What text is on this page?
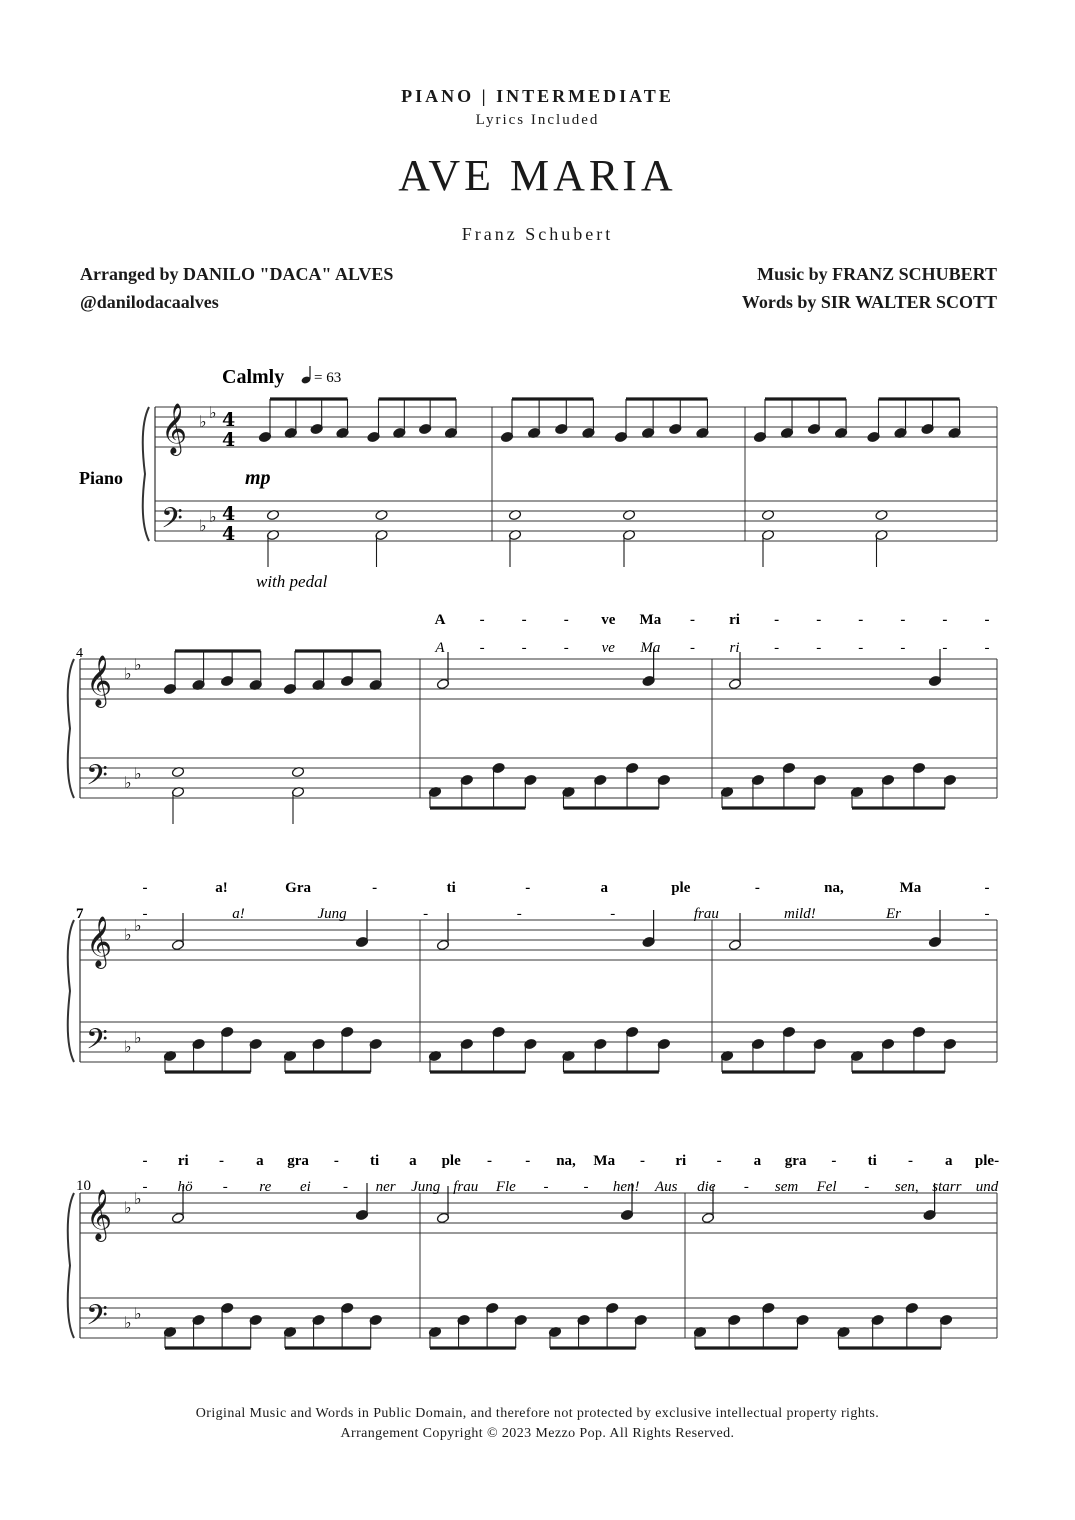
PIANO | INTERMEDIATE
Lyrics Included
AVE MARIA
Franz Schubert
Arranged by DANILO "DACA" ALVES
@danilodacaalves
Music by FRANZ SCHUBERT
Words by SIR WALTER SCOTT
Calmly = 63
Piano	mp
with pedal
4
7
10
𝄞
𝄢
♭ ♭
♭ ♭
4
4
4
4
𝄞
𝄢
♭ ♭
♭ ♭
𝄞
𝄢
♭ ♭
♭ ♭
𝄞
𝄢
♭ ♭
♭ ♭
A - - - ve Ma - ri - - - - - -
A - - - ve Ma - ri - - - - - -
-	a!	Gra	-	ti	-	a	ple	-	na,	Ma	-
-	a!	Jung	-	-	-	frau	mild!	Er	-
- ri - a gra - ti a ple - - na, Ma - ri - a gra - ti - a ple-
- hö - re ei - ner Jung frau Fle - - hen! Aus die - sem Fel - sen, starr und
Original Music and Words in Public Domain, and therefore not protected by exclusive intellectual property rights.
Arrangement Copyright © 2023 Mezzo Pop. All Rights Reserved.
